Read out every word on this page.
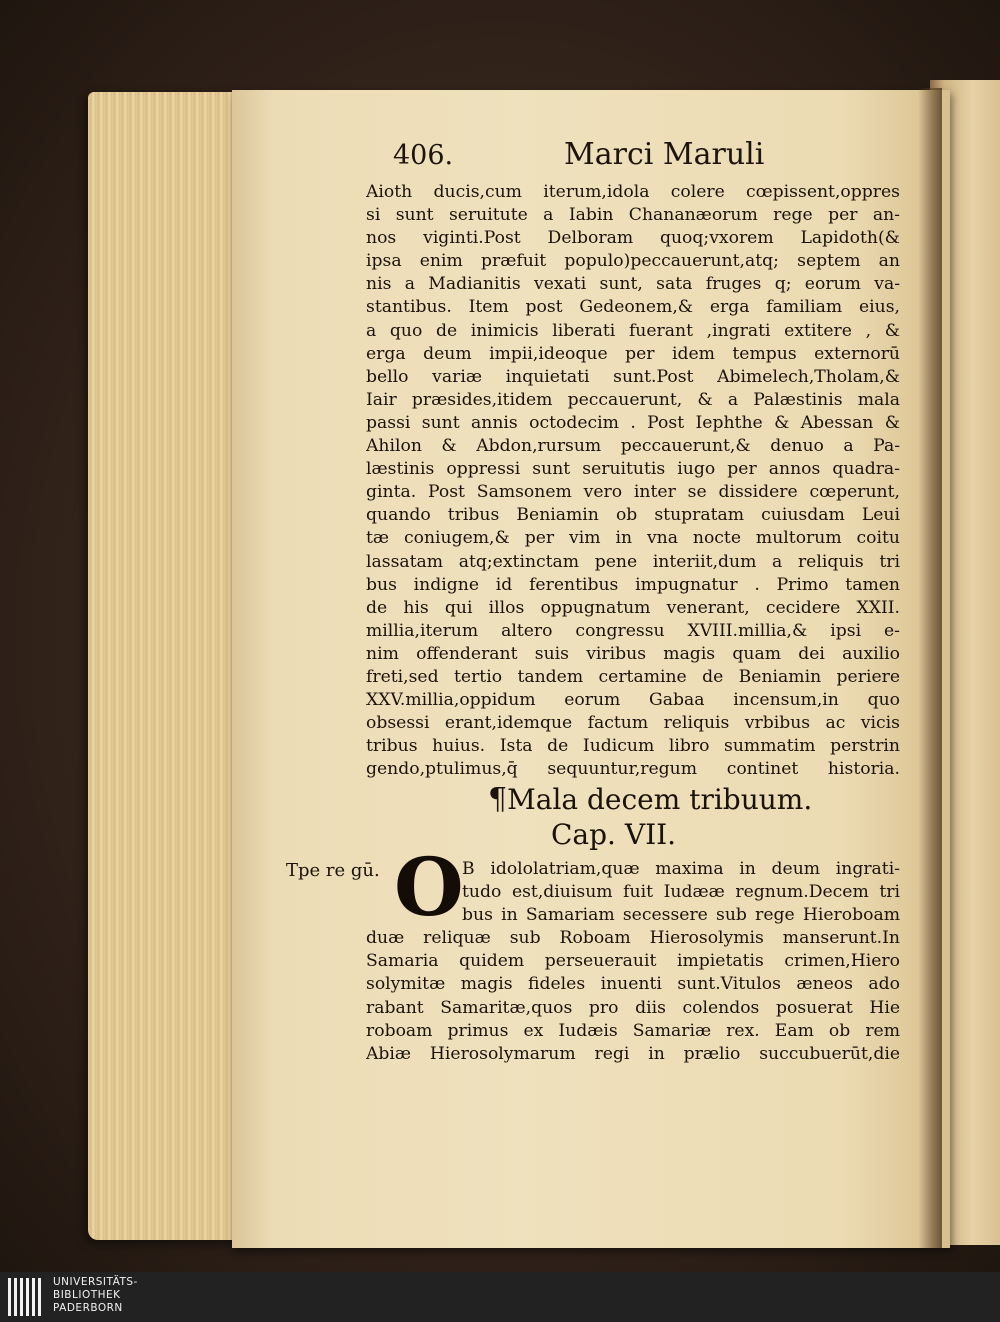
406.	Marci Maruli
Aioth ducis,cum iterum,idola colere cœpissent,oppres
si sunt seruitute a Iabin Chananæorum rege per an-
nos viginti.Post Delboram quoq;vxorem Lapidoth(&
ipsa enim præfuit populo)peccauerunt,atq; septem an
nis a Madianitis vexati sunt, sata fruges q; eorum va-
stantibus. Item post Gedeonem,& erga familiam eius,
a quo de inimicis liberati fuerant ,ingrati extitere , &
erga deum impii,ideoque per idem tempus externorū
bello variæ inquietati sunt.Post Abimelech,Tholam,&
Iair præsides,itidem peccauerunt, & a Palæstinis mala
passi sunt annis octodecim . Post Iephthe & Abessan &
Ahilon & Abdon,rursum peccauerunt,& denuo a Pa-
læstinis oppressi sunt seruitutis iugo per annos quadra-
ginta. Post Samsonem vero inter se dissidere cœperunt,
quando tribus Beniamin ob stupratam cuiusdam Leui
tæ coniugem,& per vim in vna nocte multorum coitu
lassatam atq;extinctam pene interiit,dum a reliquis tri
bus indigne id ferentibus impugnatur . Primo tamen
de his qui illos oppugnatum venerant, cecidere XXII.
millia,iterum altero congressu XVIII.millia,& ipsi e-
nim offenderant suis viribus magis quam dei auxilio
freti,sed tertio tandem certamine de Beniamin periere
XXV.millia,oppidum eorum Gabaa incensum,in quo
obsessi erant,idemque factum reliquis vrbibus ac vicis
tribus huius. Ista de Iudicum libro summatim perstrin
gendo,ptulimus,q̄ sequuntur,regum continet historia.
¶Mala decem tribuum.
Cap. VII.
Tpe re gū. O
B idololatriam,quæ maxima in deum ingrati-
tudo est,diuisum fuit Iudææ regnum.Decem tri
bus in Samariam secessere sub rege Hieroboam
duæ reliquæ sub Roboam Hierosolymis manserunt.In
Samaria quidem perseuerauit impietatis crimen,Hiero
solymitæ magis fideles inuenti sunt.Vitulos æneos ado
rabant Samaritæ,quos pro diis colendos posuerat Hie
roboam primus ex Iudæis Samariæ rex. Eam ob rem
Abiæ Hierosolymarum regi in prælio succubuerūt,die
UNIVERSITÄTS-
BIBLIOTHEK
PADERBORN
